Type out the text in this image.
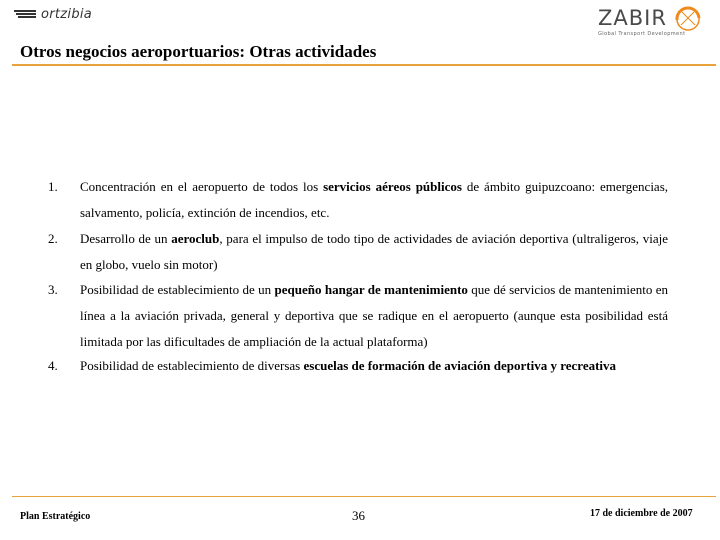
ortzibia	ZABIR
Global Transport Development
Otros negocios aeroportuarios: Otras actividades
1.	Concentración en el aeropuerto de todos los servicios aéreos públicos de ámbito guipuzcoano: emergencias, salvamento, policía, extinción de incendios, etc.
2.	Desarrollo de un aeroclub, para el impulso de todo tipo de actividades de aviación deportiva (ultraligeros, viaje en globo, vuelo sin motor)
3.	Posibilidad de establecimiento de un pequeño hangar de mantenimiento que dé servicios de mantenimiento en línea a la aviación privada, general y deportiva que se radique en el aeropuerto (aunque esta posibilidad está limitada por las dificultades de ampliación de la actual plataforma)
4.	Posibilidad de establecimiento de diversas escuelas de formación de aviación deportiva y recreativa
Plan Estratégico	36	17 de diciembre de 2007
